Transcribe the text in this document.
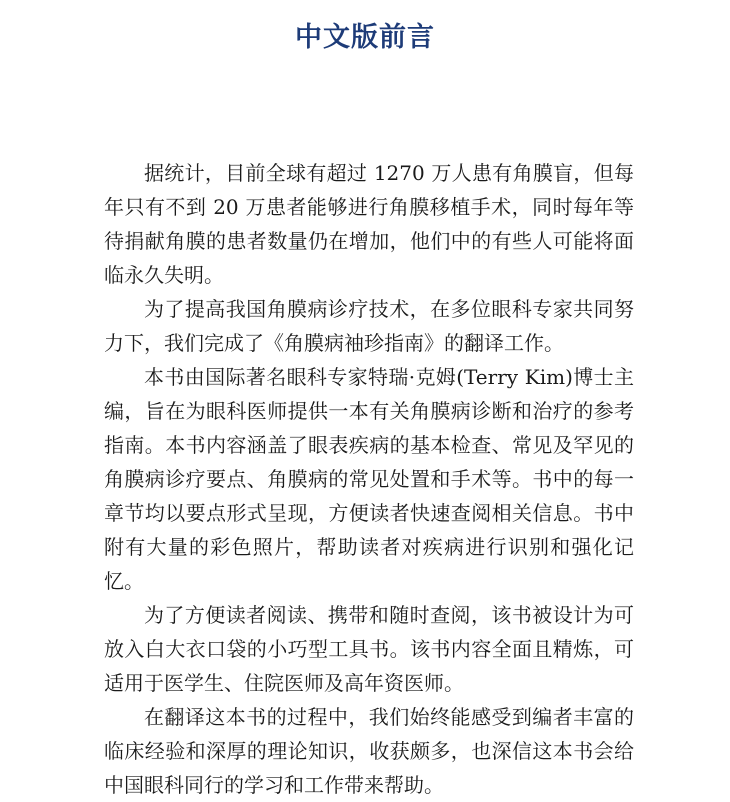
中文版前言

据统计，目前全球有超过 1270 万人患有角膜盲，但每年只有不到 20 万患者能够进行角膜移植手术，同时每年等待捐献角膜的患者数量仍在增加，他们中的有些人可能将面临永久失明。

为了提高我国角膜病诊疗技术，在多位眼科专家共同努力下，我们完成了《角膜病袖珍指南》的翻译工作。

本书由国际著名眼科专家特瑞·克姆(Terry Kim)博士主编，旨在为眼科医师提供一本有关角膜病诊断和治疗的参考指南。本书内容涵盖了眼表疾病的基本检查、常见及罕见的角膜病诊疗要点、角膜病的常见处置和手术等。书中的每一章节均以要点形式呈现，方便读者快速查阅相关信息。书中附有大量的彩色照片，帮助读者对疾病进行识别和强化记忆。

为了方便读者阅读、携带和随时查阅，该书被设计为可放入白大衣口袋的小巧型工具书。该书内容全面且精炼，可适用于医学生、住院医师及高年资医师。

在翻译这本书的过程中，我们始终能感受到编者丰富的临床经验和深厚的理论知识，收获颇多，也深信这本书会给中国眼科同行的学习和工作带来帮助。
